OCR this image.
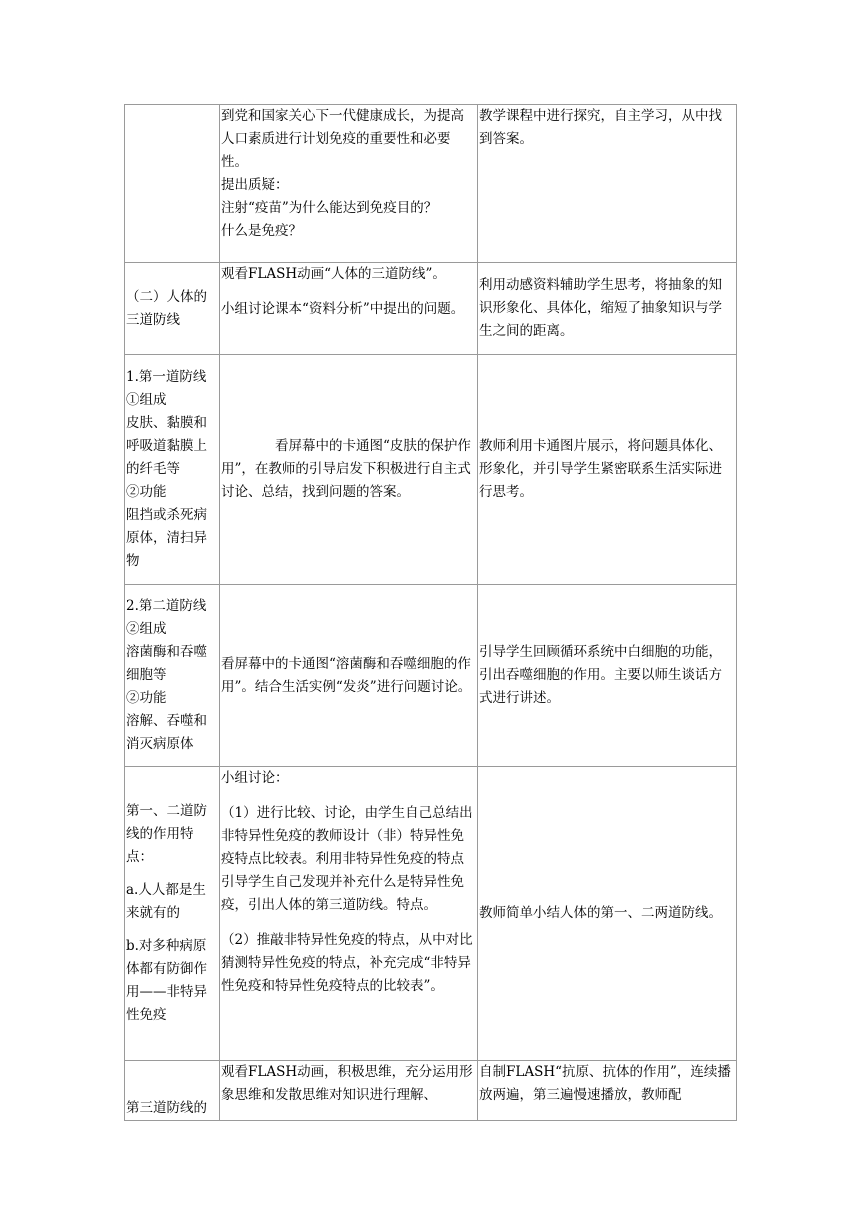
	到党和国家关心下一代健康成长，为提高人口素质进行计划免疫的重要性和必要性。
提出质疑：
注射“疫苗”为什么能达到免疫目的？
什么是免疫？	教学课程中进行探究，自主学习，从中找到答案。

（二）人体的三道防线	观看FLASH动画“人体的三道防线”。
小组讨论课本“资料分析”中提出的问题。	利用动感资料辅助学生思考，将抽象的知识形象化、具体化，缩短了抽象知识与学生之间的距离。

1.第一道防线
①组成
皮肤、黏膜和呼吸道黏膜上的纤毛等
②功能
阻挡或杀死病原体，清扫异物	看屏幕中的卡通图“皮肤的保护作用”，在教师的引导启发下积极进行自主式讨论、总结，找到问题的答案。	教师利用卡通图片展示，将问题具体化、形象化，并引导学生紧密联系生活实际进行思考。

2.第二道防线
②组成
溶菌酶和吞噬细胞等
②功能
溶解、吞噬和消灭病原体	看屏幕中的卡通图“溶菌酶和吞噬细胞的作用”。结合生活实例“发炎”进行问题讨论。	引导学生回顾循环系统中白细胞的功能，引出吞噬细胞的作用。主要以师生谈话方式进行讲述。

第一、二道防线的作用特点：
a.人人都是生来就有的
b.对多种病原体都有防御作用——非特异性免疫	小组讨论：
（1）进行比较、讨论，由学生自己总结出非特异性免疫的教师设计（非）特异性免疫特点比较表。利用非特异性免疫的特点引导学生自己发现并补充什么是特异性免疫，引出人体的第三道防线。特点。
（2）推敲非特异性免疫的特点，从中对比猜测特异性免疫的特点，补充完成“非特异性免疫和特异性免疫特点的比较表”。	教师简单小结人体的第一、二两道防线。

第三道防线的	观看FLASH动画，积极思维，充分运用形象思维和发散思维对知识进行理解、	自制FLASH“抗原、抗体的作用”，连续播放两遍，第三遍慢速播放，教师配
